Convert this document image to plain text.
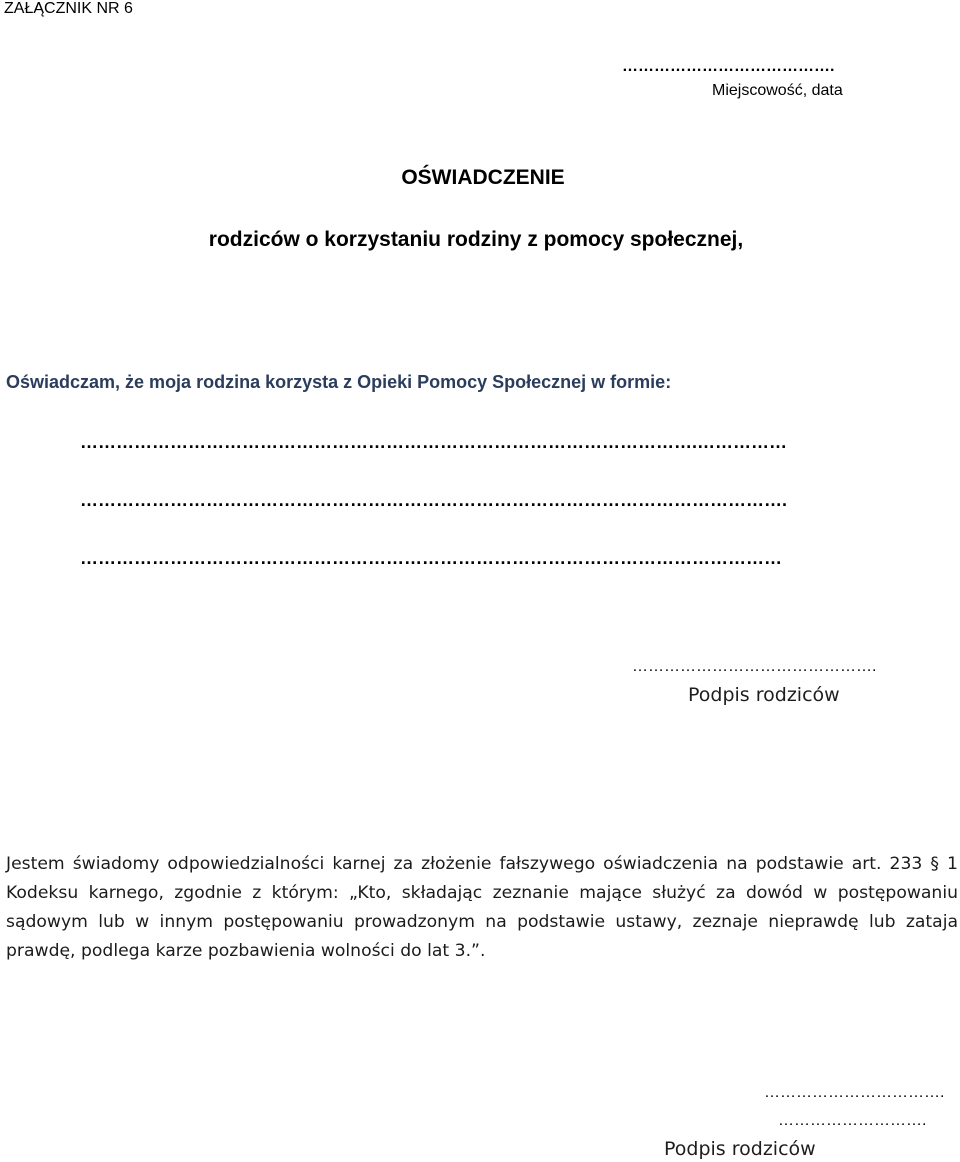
ZAŁĄCZNIK NR 6
………………………………….
Miejscowość, data
OŚWIADCZENIE
rodziców o korzystaniu rodziny z pomocy społecznej,
Oświadczam, że moja rodzina korzysta z Opieki Pomocy Społecznej w formie:
………………………………………………………………………………………….……………
……………………………………………………………………………………………………….
………………………………………………………………………………………………………
……………………………………….
Podpis rodziców
Jestem świadomy odpowiedzialności karnej za złożenie fałszywego oświadczenia na podstawie art. 233 § 1 Kodeksu karnego, zgodnie z którym: „Kto, składając zeznanie mające służyć za dowód w postępowaniu sądowym lub w innym postępowaniu prowadzonym na podstawie ustawy, zeznaje nieprawdę lub zataja prawdę, podlega karze pozbawienia wolności do lat 3.”.
…………………………….
……………………….
Podpis rodziców
